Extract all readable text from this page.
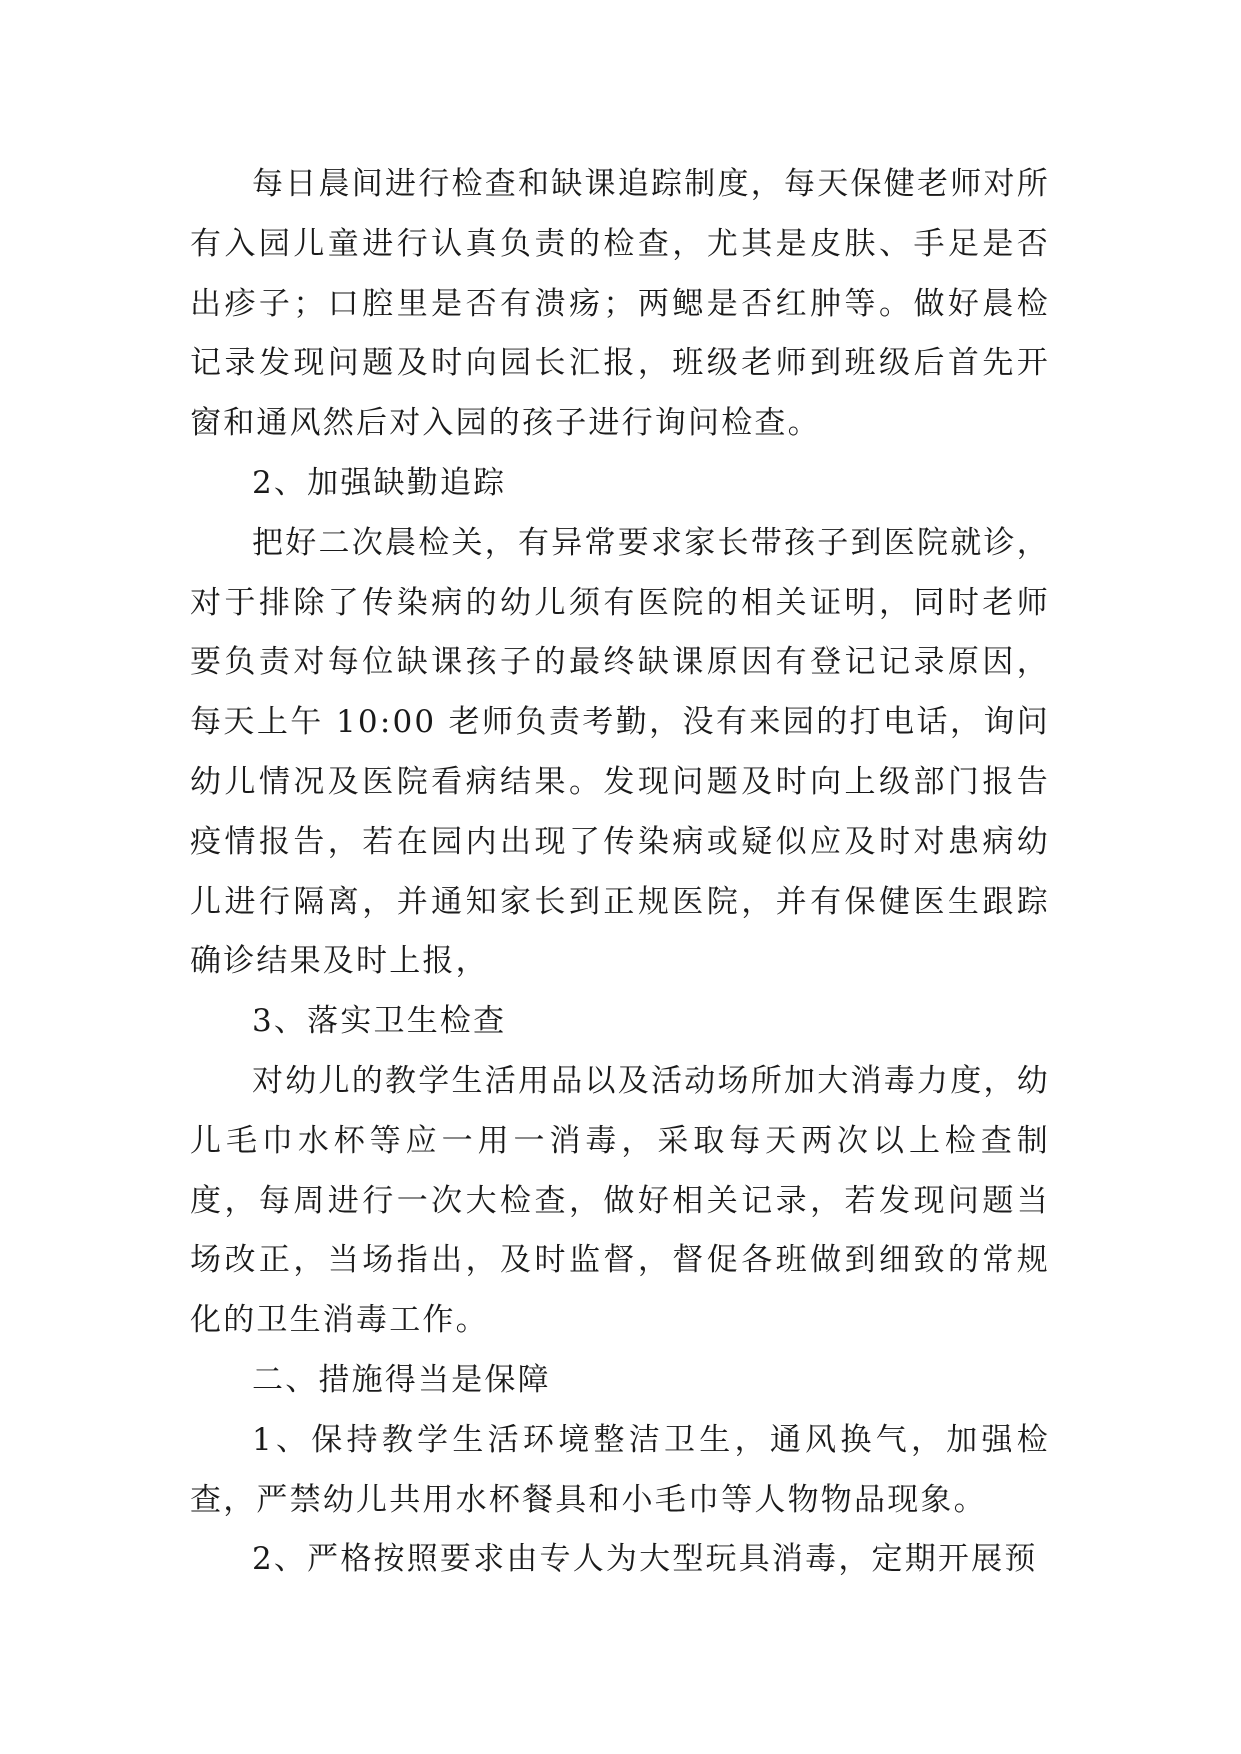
每日晨间进行检查和缺课追踪制度，每天保健老师对所有入园儿童进行认真负责的检查，尤其是皮肤、手足是否出疹子；口腔里是否有溃疡；两鳃是否红肿等。做好晨检记录发现问题及时向园长汇报，班级老师到班级后首先开窗和通风然后对入园的孩子进行询问检查。

2、加强缺勤追踪

把好二次晨检关，有异常要求家长带孩子到医院就诊，对于排除了传染病的幼儿须有医院的相关证明，同时老师要负责对每位缺课孩子的最终缺课原因有登记记录原因，每天上午 10:00 老师负责考勤，没有来园的打电话，询问幼儿情况及医院看病结果。发现问题及时向上级部门报告疫情报告，若在园内出现了传染病或疑似应及时对患病幼儿进行隔离，并通知家长到正规医院，并有保健医生跟踪确诊结果及时上报，

3、落实卫生检查

对幼儿的教学生活用品以及活动场所加大消毒力度，幼儿毛巾水杯等应一用一消毒，采取每天两次以上检查制度，每周进行一次大检查，做好相关记录，若发现问题当场改正，当场指出，及时监督，督促各班做到细致的常规化的卫生消毒工作。

二、措施得当是保障

1、保持教学生活环境整洁卫生，通风换气，加强检查，严禁幼儿共用水杯餐具和小毛巾等人物物品现象。

2、严格按照要求由专人为大型玩具消毒，定期开展预
